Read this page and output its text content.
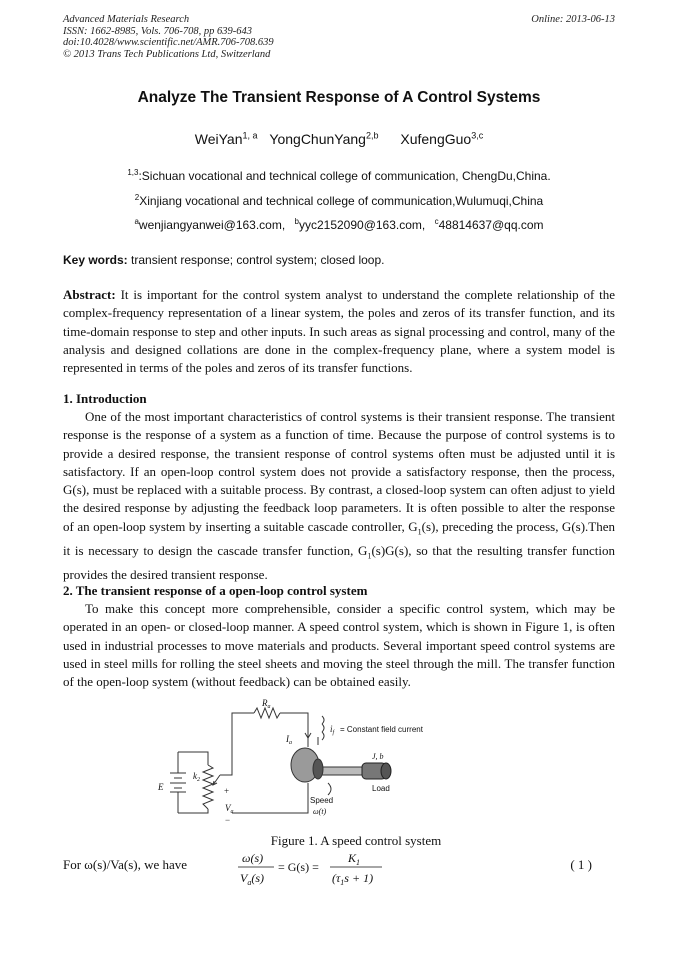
Advanced Materials Research
ISSN: 1662-8985, Vols. 706-708, pp 639-643
doi:10.4028/www.scientific.net/AMR.706-708.639
© 2013 Trans Tech Publications Ltd, Switzerland
Online: 2013-06-13
Analyze The Transient Response of A Control Systems
WeiYan$^{1, a}$ YongChunYang$^{2,b}$ XufengGuo$^{3,c}$
$^{1,3}$:Sichuan vocational and technical college of communication, ChengDu,China.
$^2$Xinjiang vocational and technical college of communication,Wulumuqi,China
$^a$wenjiangyanwei@163.com, $^b$yyc2152090@163.com, $^c$48814637@qq.com
Key words: transient response; control system; closed loop.
Abstract: It is important for the control system analyst to understand the complete relationship of the complex-frequency representation of a linear system, the poles and zeros of its transfer function, and its time-domain response to step and other inputs. In such areas as signal processing and control, many of the analysis and designed collations are done in the complex-frequency plane, where a system model is represented in terms of the poles and zeros of its transfer functions.
1. Introduction
One of the most important characteristics of control systems is their transient response. The transient response is the response of a system as a function of time. Because the purpose of control systems is to provide a desired response, the transient response of control systems often must be adjusted until it is satisfactory. If an open-loop control system does not provide a satisfactory response, then the process, G(s), must be replaced with a suitable process. By contrast, a closed-loop system can often adjust to yield the desired response by adjusting the feedback loop parameters. It is often possible to alter the response of an open-loop system by inserting a suitable cascade controller, $G_1(s)$, preceding the process, G(s).Then it is necessary to design the cascade transfer function, $G_1(s)G(s)$, so that the resulting transfer function provides the desired transient response.
2. The transient response of a open-loop control system
To make this concept more comprehensible, consider a specific control system, which may be operated in an open- or closed-loop manner. A speed control system, which is shown in Figure 1, is often used in industrial processes to move materials and products. Several important speed control systems are used in steel mills for rolling the steel sheets and moving the steel through the mill. The transfer function of the open-loop system (without feedback) can be obtained easily.
$R_a$
$I_a$
$i_f$ = Constant field current
E
$k_2$
+
$V_a$
−
J, b
Load
Speed
ω(t)
Figure 1. A speed control system
For ω(s)/Va(s), we have	ω(s)
$V_a(s)$
= G(s) =
$K_1$
$(\tau_1s + 1)$
( 1 )
